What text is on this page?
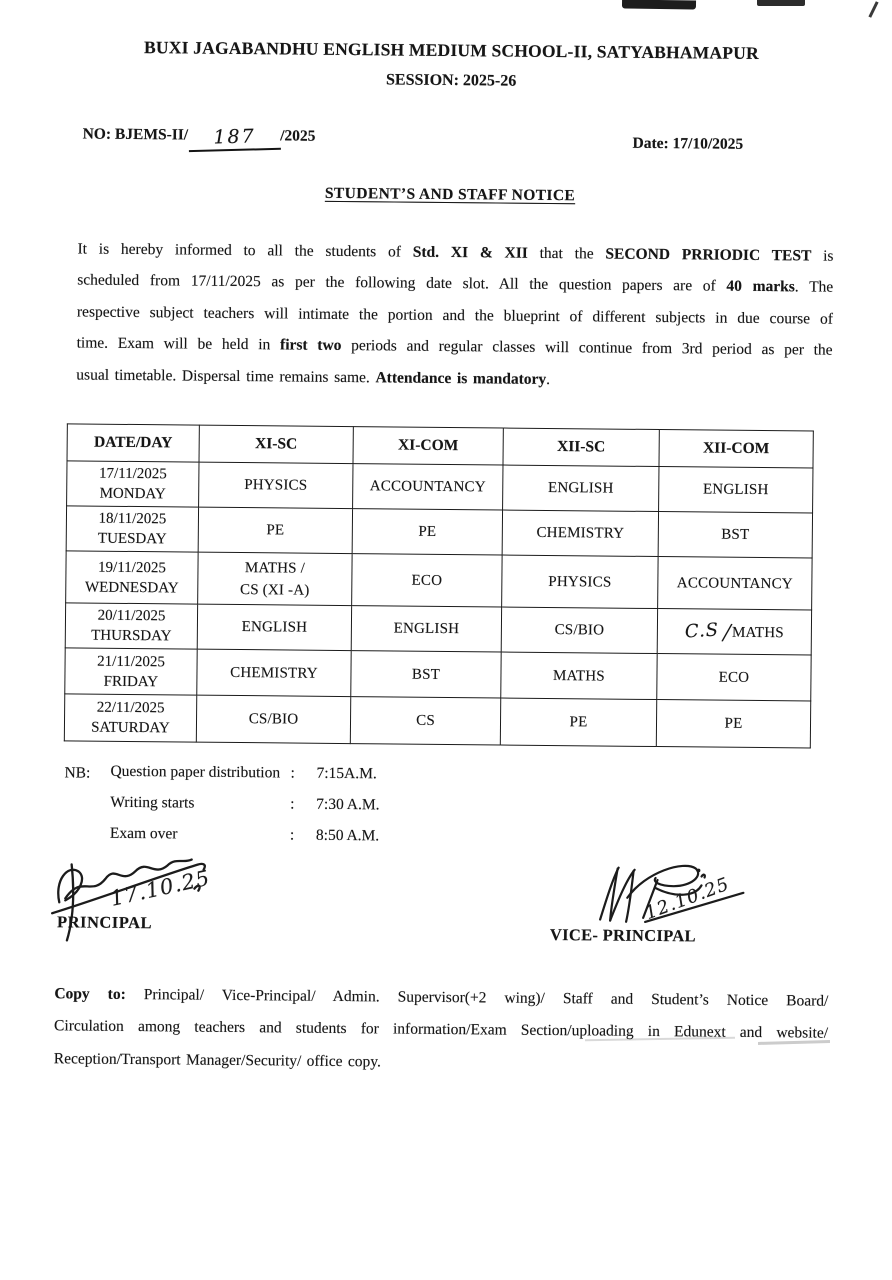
BUXI JAGABANDHU ENGLISH MEDIUM SCHOOL-II, SATYABHAMAPUR
SESSION: 2025-26
NO: BJEMS-II/ 187 /2025	Date: 17/10/2025
STUDENT’S AND STAFF NOTICE
It is hereby informed to all the students of Std. XI & XII that the SECOND PRRIODIC TEST is
scheduled from 17/11/2025 as per the following date slot. All the question papers are of 40 marks. The
respective subject teachers will intimate the portion and the blueprint of different subjects in due course of
time. Exam will be held in first two periods and regular classes will continue from 3rd period as per the
usual timetable. Dispersal time remains same. Attendance is mandatory.
DATE/DAY	XI-SC	XI-COM	XII-SC	XII-COM

17/11/2025
MONDAY	PHYSICS	ACCOUNTANCY	ENGLISH	ENGLISH

18/11/2025
TUESDAY	PE	PE	CHEMISTRY	BST

19/11/2025
WEDNESDAY
	MATHS /
CS (XI -A)	ECO	PHYSICS	ACCOUNTANCY

20/11/2025
THURSDAY	ENGLISH	ENGLISH	CS/BIO	C.S/MATHS

21/11/2025
FRIDAY	CHEMISTRY	BST	MATHS	ECO

22/11/2025
SATURDAY	CS/BIO	CS	PE	PE
NB: Question paper distribution :	7:15A.M.
Writing starts	:	7:30 A.M.
Exam over	:	8:50 A.M.
17.10.25
PRINCIPAL	12.10.25
VICE- PRINCIPAL
Copy to: Principal/ Vice-Principal/ Admin. Supervisor(+2 wing)/ Staff and Student’s Notice Board/
Circulation among teachers and students for information/Exam Section/uploading in Edunext and website/
Reception/Transport Manager/Security/ office copy.
